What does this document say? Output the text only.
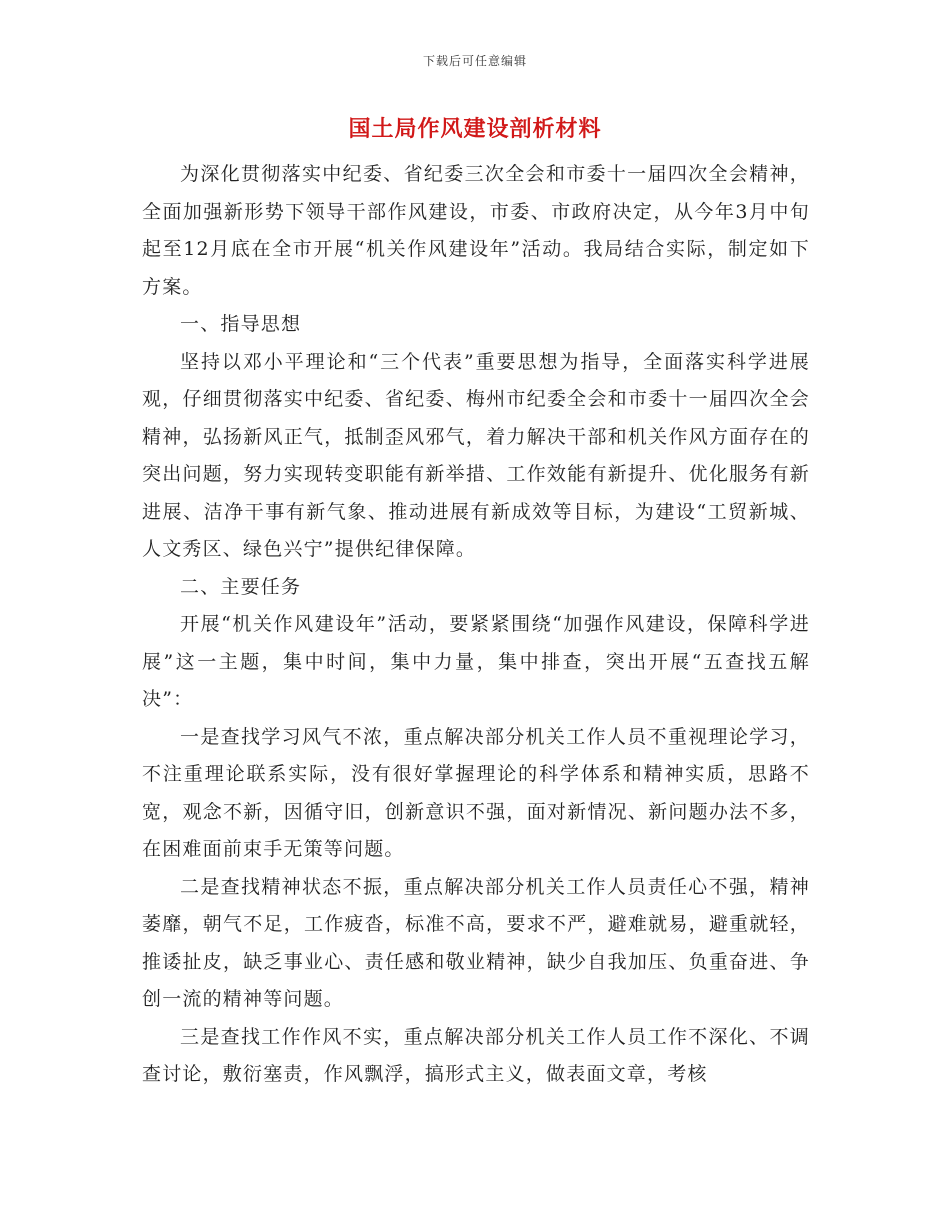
下载后可任意编辑
国土局作风建设剖析材料

为深化贯彻落实中纪委、省纪委三次全会和市委十一届四次全会精神，全面加强新形势下领导干部作风建设，市委、市政府决定，从今年3月中旬起至12月底在全市开展“机关作风建设年”活动。我局结合实际，制定如下方案。

一、指导思想

坚持以邓小平理论和“三个代表”重要思想为指导，全面落实科学进展观，仔细贯彻落实中纪委、省纪委、梅州市纪委全会和市委十一届四次全会精神，弘扬新风正气，抵制歪风邪气，着力解决干部和机关作风方面存在的突出问题，努力实现转变职能有新举措、工作效能有新提升、优化服务有新进展、洁净干事有新气象、推动进展有新成效等目标，为建设“工贸新城、人文秀区、绿色兴宁”提供纪律保障。

二、主要任务

开展“机关作风建设年”活动，要紧紧围绕“加强作风建设，保障科学进展”这一主题，集中时间，集中力量，集中排查，突出开展“五查找五解决”：

一是查找学习风气不浓，重点解决部分机关工作人员不重视理论学习，不注重理论联系实际，没有很好掌握理论的科学体系和精神实质，思路不宽，观念不新，因循守旧，创新意识不强，面对新情况、新问题办法不多，在困难面前束手无策等问题。

二是查找精神状态不振，重点解决部分机关工作人员责任心不强，精神萎靡，朝气不足，工作疲沓，标准不高，要求不严，避难就易，避重就轻，推诿扯皮，缺乏事业心、责任感和敬业精神，缺少自我加压、负重奋进、争创一流的精神等问题。

三是查找工作作风不实，重点解决部分机关工作人员工作不深化、不调查讨论，敷衍塞责，作风飘浮，搞形式主义，做表面文章，考核
